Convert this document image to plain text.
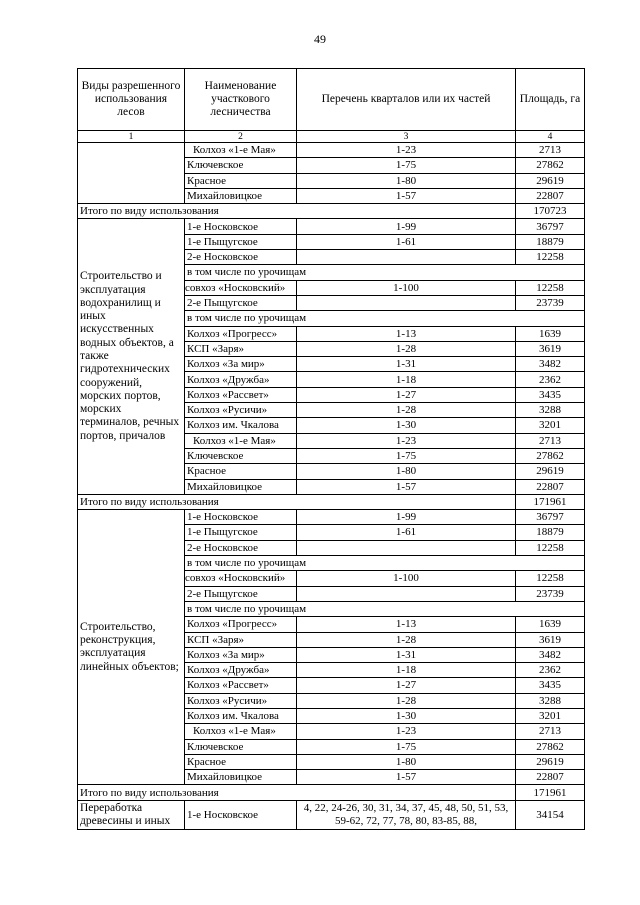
49
Виды разрешенного использования лесов	Наименование участкового лесничества	Перечень кварталов или их частей	Площадь, га
1	2	3	4
	Колхоз «1-е Мая»	1-23	2713
	Ключевское	1-75	27862
	Красное	1-80	29619
	Михайловицкое	1-57	22807
Итого по виду использования			170723
Строительство и эксплуатация водохранилищ и иных искусственных водных объектов, а также гидротехнических сооружений, морских портов, морских терминалов, речных портов, причалов	1-е Носковское	1-99	36797
	1-е Пыщугское	1-61	18879
	2-е Носковское		12258
	в том числе по урочищам		
	совхоз «Носковский»	1-100	12258
	2-е Пыщугское		23739
	в том числе по урочищам		
	Колхоз «Прогресс»	1-13	1639
	КСП «Заря»	1-28	3619
	Колхоз «За мир»	1-31	3482
	Колхоз «Дружба»	1-18	2362
	Колхоз «Рассвет»	1-27	3435
	Колхоз «Русичи»	1-28	3288
	Колхоз им. Чкалова	1-30	3201
	Колхоз «1-е Мая»	1-23	2713
	Ключевское	1-75	27862
	Красное	1-80	29619
	Михайловицкое	1-57	22807
Итого по виду использования			171961
Строительство, реконструкция, эксплуатация линейных объектов;	1-е Носковское	1-99	36797
	1-е Пыщугское	1-61	18879
	2-е Носковское		12258
	в том числе по урочищам		
	совхоз «Носковский»	1-100	12258
	2-е Пыщугское		23739
	в том числе по урочищам		
	Колхоз «Прогресс»	1-13	1639
	КСП «Заря»	1-28	3619
	Колхоз «За мир»	1-31	3482
	Колхоз «Дружба»	1-18	2362
	Колхоз «Рассвет»	1-27	3435
	Колхоз «Русичи»	1-28	3288
	Колхоз им. Чкалова	1-30	3201
	Колхоз «1-е Мая»	1-23	2713
	Ключевское	1-75	27862
	Красное	1-80	29619
	Михайловицкое	1-57	22807
Итого по виду использования			171961
Переработка древесины и иных	1-е Носковское	4, 22, 24-26, 30, 31, 34, 37, 45, 48, 50, 51, 53, 59-62, 72, 77, 78, 80, 83-85, 88,	34154
